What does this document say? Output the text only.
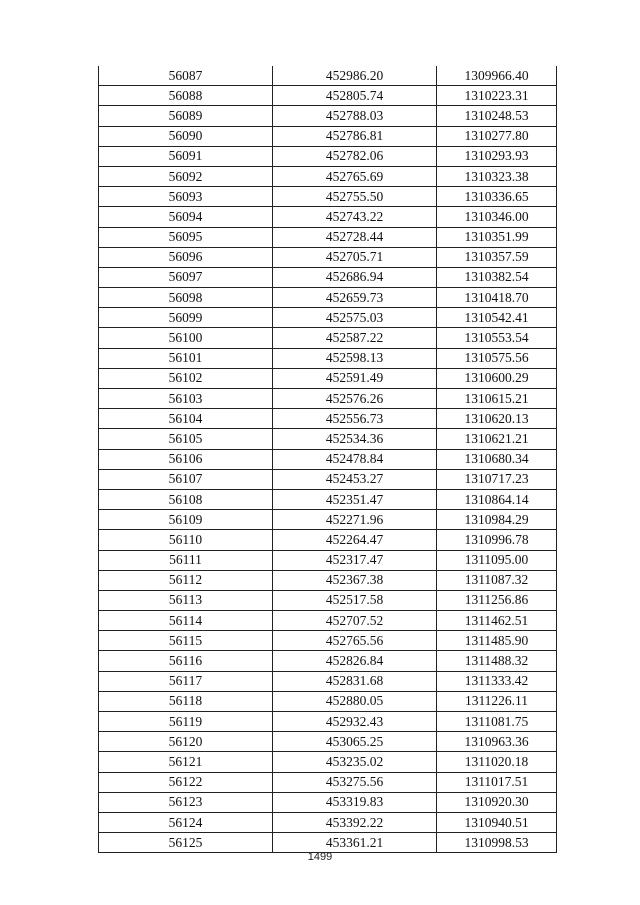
56087	452986.20	1309966.40
56088	452805.74	1310223.31
56089	452788.03	1310248.53
56090	452786.81	1310277.80
56091	452782.06	1310293.93
56092	452765.69	1310323.38
56093	452755.50	1310336.65
56094	452743.22	1310346.00
56095	452728.44	1310351.99
56096	452705.71	1310357.59
56097	452686.94	1310382.54
56098	452659.73	1310418.70
56099	452575.03	1310542.41
56100	452587.22	1310553.54
56101	452598.13	1310575.56
56102	452591.49	1310600.29
56103	452576.26	1310615.21
56104	452556.73	1310620.13
56105	452534.36	1310621.21
56106	452478.84	1310680.34
56107	452453.27	1310717.23
56108	452351.47	1310864.14
56109	452271.96	1310984.29
56110	452264.47	1310996.78
56111	452317.47	1311095.00
56112	452367.38	1311087.32
56113	452517.58	1311256.86
56114	452707.52	1311462.51
56115	452765.56	1311485.90
56116	452826.84	1311488.32
56117	452831.68	1311333.42
56118	452880.05	1311226.11
56119	452932.43	1311081.75
56120	453065.25	1310963.36
56121	453235.02	1311020.18
56122	453275.56	1311017.51
56123	453319.83	1310920.30
56124	453392.22	1310940.51
56125	453361.21	1310998.53
1499
